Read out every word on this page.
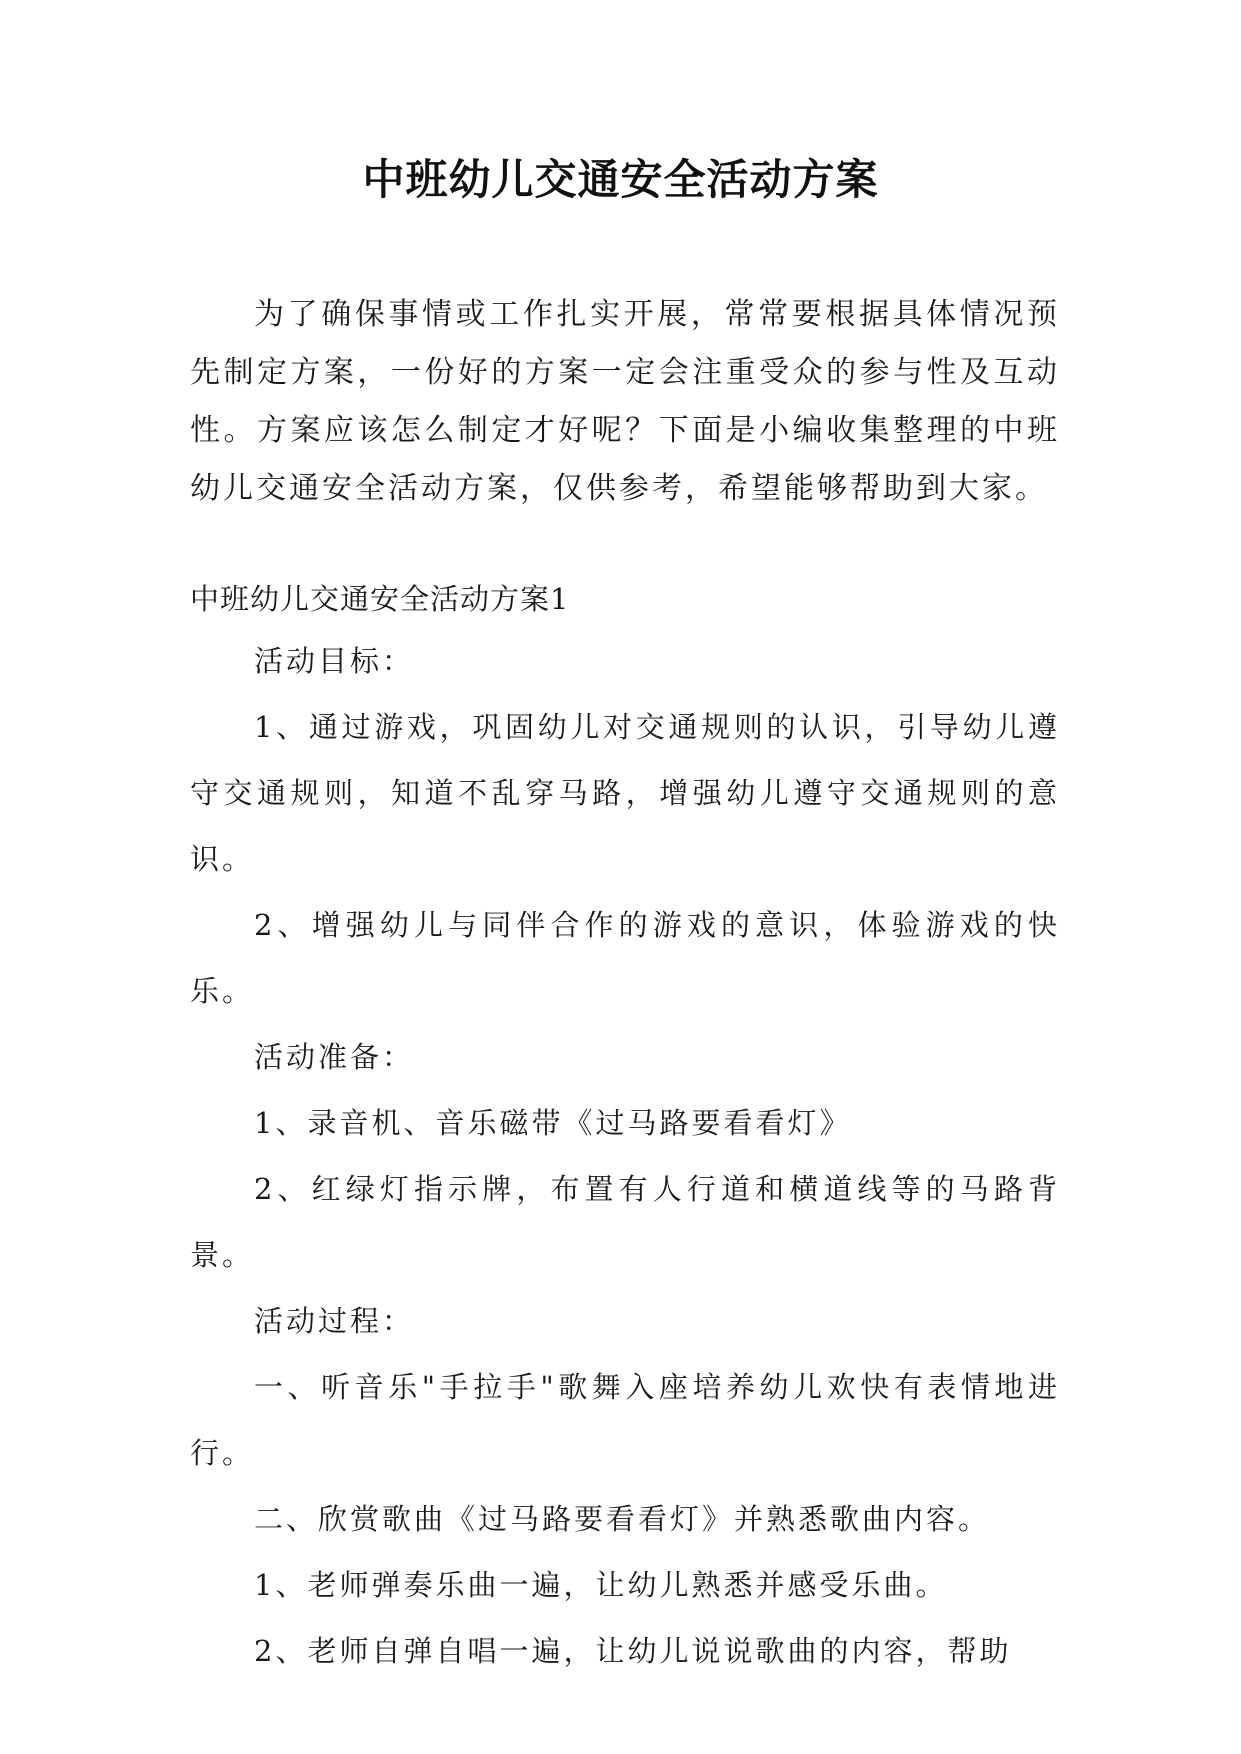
中班幼儿交通安全活动方案

为了确保事情或工作扎实开展，常常要根据具体情况预先制定方案，一份好的方案一定会注重受众的参与性及互动性。方案应该怎么制定才好呢？下面是小编收集整理的中班幼儿交通安全活动方案，仅供参考，希望能够帮助到大家。

中班幼儿交通安全活动方案1

活动目标：

1、通过游戏，巩固幼儿对交通规则的认识，引导幼儿遵守交通规则，知道不乱穿马路，增强幼儿遵守交通规则的意识。

2、增强幼儿与同伴合作的游戏的意识，体验游戏的快乐。

活动准备：

1、录音机、音乐磁带《过马路要看看灯》

2、红绿灯指示牌，布置有人行道和横道线等的马路背景。

活动过程：

一、听音乐"手拉手"歌舞入座培养幼儿欢快有表情地进行。

二、欣赏歌曲《过马路要看看灯》并熟悉歌曲内容。

1、老师弹奏乐曲一遍，让幼儿熟悉并感受乐曲。

2、老师自弹自唱一遍，让幼儿说说歌曲的内容，帮助
